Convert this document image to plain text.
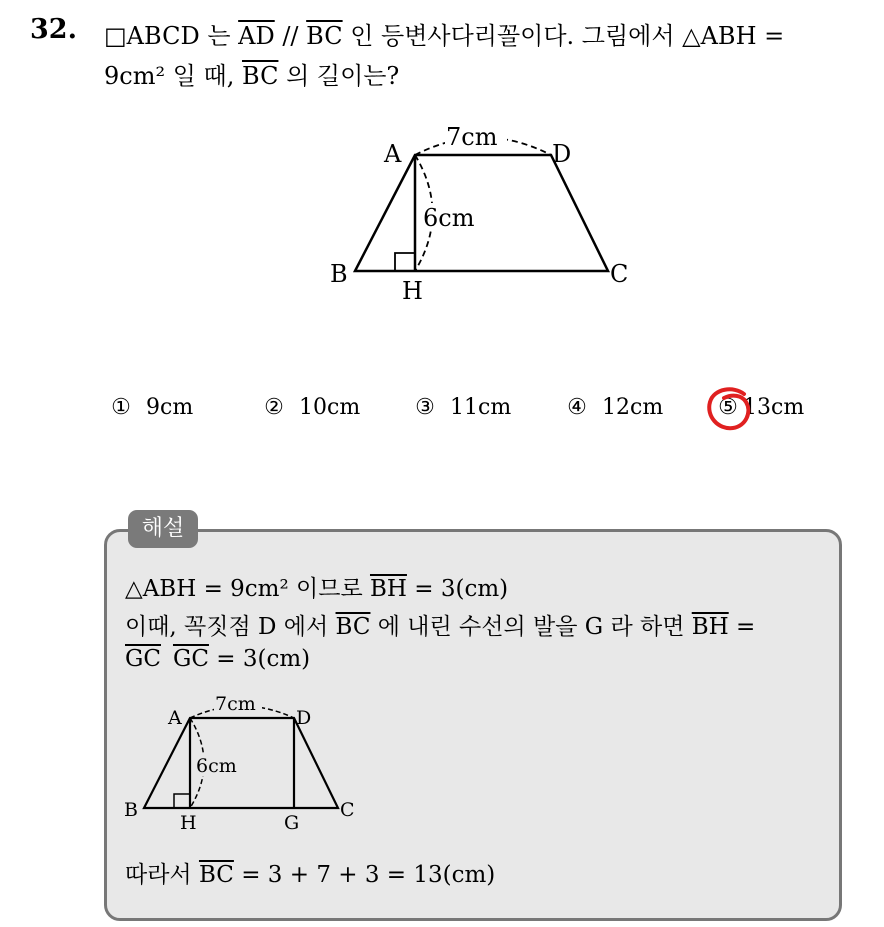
32. □ABCD 는 $\overline{AD} // \overline{BC}$ 인 등변사다리꼴이다. 그림에서 △ABH =
9cm² 일 때, $\overline{BC}$ 의 길이는?
A	D
B	C
H
7cm
6cm
① 9cm	② 10cm ③ 11cm	④ 12cm ⑤ 13cm
해설
△ABH = 9cm² 이므로 $\overline{BH} = 3(cm)$
이때, 꼭짓점 D 에서 $\overline{BC}$ 에 내린 수선의 발을 G 라 하면 $\overline{BH}$ =
$\overline{GC}$ $\overline{GC} = 3(cm)$
A	D
B	C
H	G
7cm
6cm
따라서 $\overline{BC} = 3 + 7 + 3 = 13(cm)$
